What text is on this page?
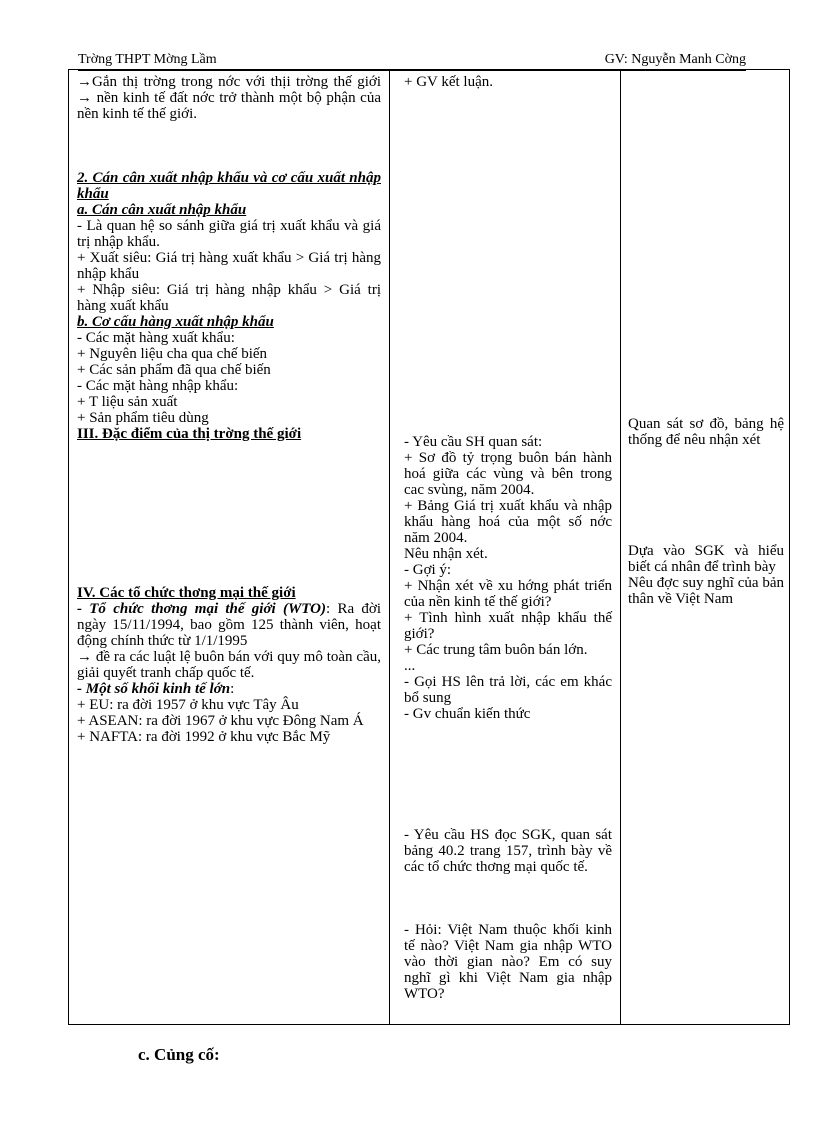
Trờng THPT Mờng Lầm	GV: Nguyễn Manh Cờng

→Gắn thị trờng trong nớc với thịi trờng thế giới → nền kinh tế đất nớc trở thành một bộ phận của nền kinh tế thế giới.

2. Cán cân xuất nhập khẩu và cơ cấu xuất nhập khẩu

a. Cán cân xuất nhập khẩu

- Là quan hệ so sánh giữa giá trị xuất khẩu và giá trị nhập khẩu.

+ Xuất siêu: Giá trị hàng xuất khẩu > Giá trị hàng nhập khẩu

+ Nhập siêu: Giá trị hàng nhập khẩu > Giá trị hàng xuất khẩu

b. Cơ cấu hàng xuất nhập khẩu

- Các mặt hàng xuất khẩu:

+ Nguyên liệu cha qua chế biến

+ Các sản phẩm đã qua chế biến

- Các mặt hàng nhập khẩu:

+ T liệu sản xuất

+ Sản phẩm tiêu dùng

III. Đặc điểm của thị trờng thế giới

IV. Các tổ chức thơng mại thế giới

- Tổ chức thơng mại thế giới (WTO): Ra đời ngày 15/11/1994, bao gồm 125 thành viên, hoạt động chính thức từ 1/1/1995

→ đề ra các luật lệ buôn bán với quy mô toàn cầu, giải quyết tranh chấp quốc tế.

- Một số khối kinh tế lớn:

+ EU: ra đời 1957 ở khu vực Tây Âu

+ ASEAN: ra đời 1967 ở khu vực Đông Nam Á

+ NAFTA: ra đời 1992 ở khu vực Bắc Mỹ

+ GV kết luận.

- Yêu cầu SH quan sát:

+ Sơ đồ tỷ trọng buôn bán hành hoá giữa các vùng và bên trong cac svùng, năm 2004.

+ Bảng Giá trị xuất khẩu và nhập khẩu hàng hoá của một số nớc năm 2004.

Nêu nhận xét.

- Gợi ý:

+ Nhận xét về xu hớng phát triển của nền kinh tế thế giới?

+ Tình hình xuất nhập khẩu thế giới?

+ Các trung tâm buôn bán lớn.

...

- Gọi HS lên trả lời, các em khác bổ sung

- Gv chuẩn kiến thức

- Yêu cầu HS đọc SGK, quan sát bảng 40.2 trang 157, trình bày về các tổ chức thơng mại quốc tế.

- Hỏi: Việt Nam thuộc khối kinh tế nào? Việt Nam gia nhập WTO vào thời gian nào? Em có suy nghĩ gì khi Việt Nam gia nhập WTO?

Quan sát sơ đồ, bảng hệ thống để nêu nhận xét

Dựa vào SGK và hiểu biết cá nhân để trình bày

Nêu đợc suy nghĩ của bản thân về Việt Nam

c. Củng cố:
